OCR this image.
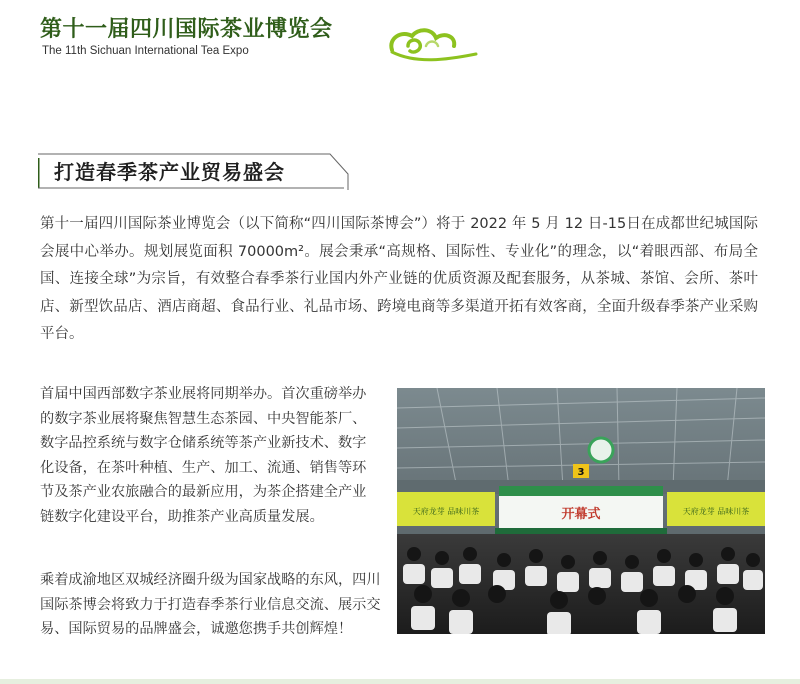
第十一届四川国际茶业博览会
The 11th Sichuan International Tea Expo
打造春季茶产业贸易盛会

第十一届四川国际茶业博览会（以下简称“四川国际茶博会”）将于 2022 年 5 月 12 日-15日在成都世纪城国际会展中心举办。规划展览面积 70000m²。展会秉承“高规格、国际性、专业化”的理念，以“着眼西部、布局全国、连接全球”为宗旨，有效整合春季茶行业国内外产业链的优质资源及配套服务，从茶城、茶馆、会所、茶叶店、新型饮品店、酒店商超、食品行业、礼品市场、跨境电商等多渠道开拓有效客商，全面升级春季茶产业采购平台。

首届中国西部数字茶业展将同期举办。首次重磅举办的数字茶业展将聚焦智慧生态茶园、中央智能茶厂、数字品控系统与数字仓储系统等茶产业新技术、数字化设备，在茶叶种植、生产、加工、流通、销售等环节及茶产业农旅融合的最新应用，为茶企搭建全产业链数字化建设平台，助推茶产业高质量发展。

乘着成渝地区双城经济圈升级为国家战略的东风，四川国际茶博会将致力于打造春季茶行业信息交流、展示交易、国际贸易的品牌盛会，诚邀您携手共创辉煌！

3
天府龙芽 品味川茶	天府龙芽 品味川茶
开幕式
